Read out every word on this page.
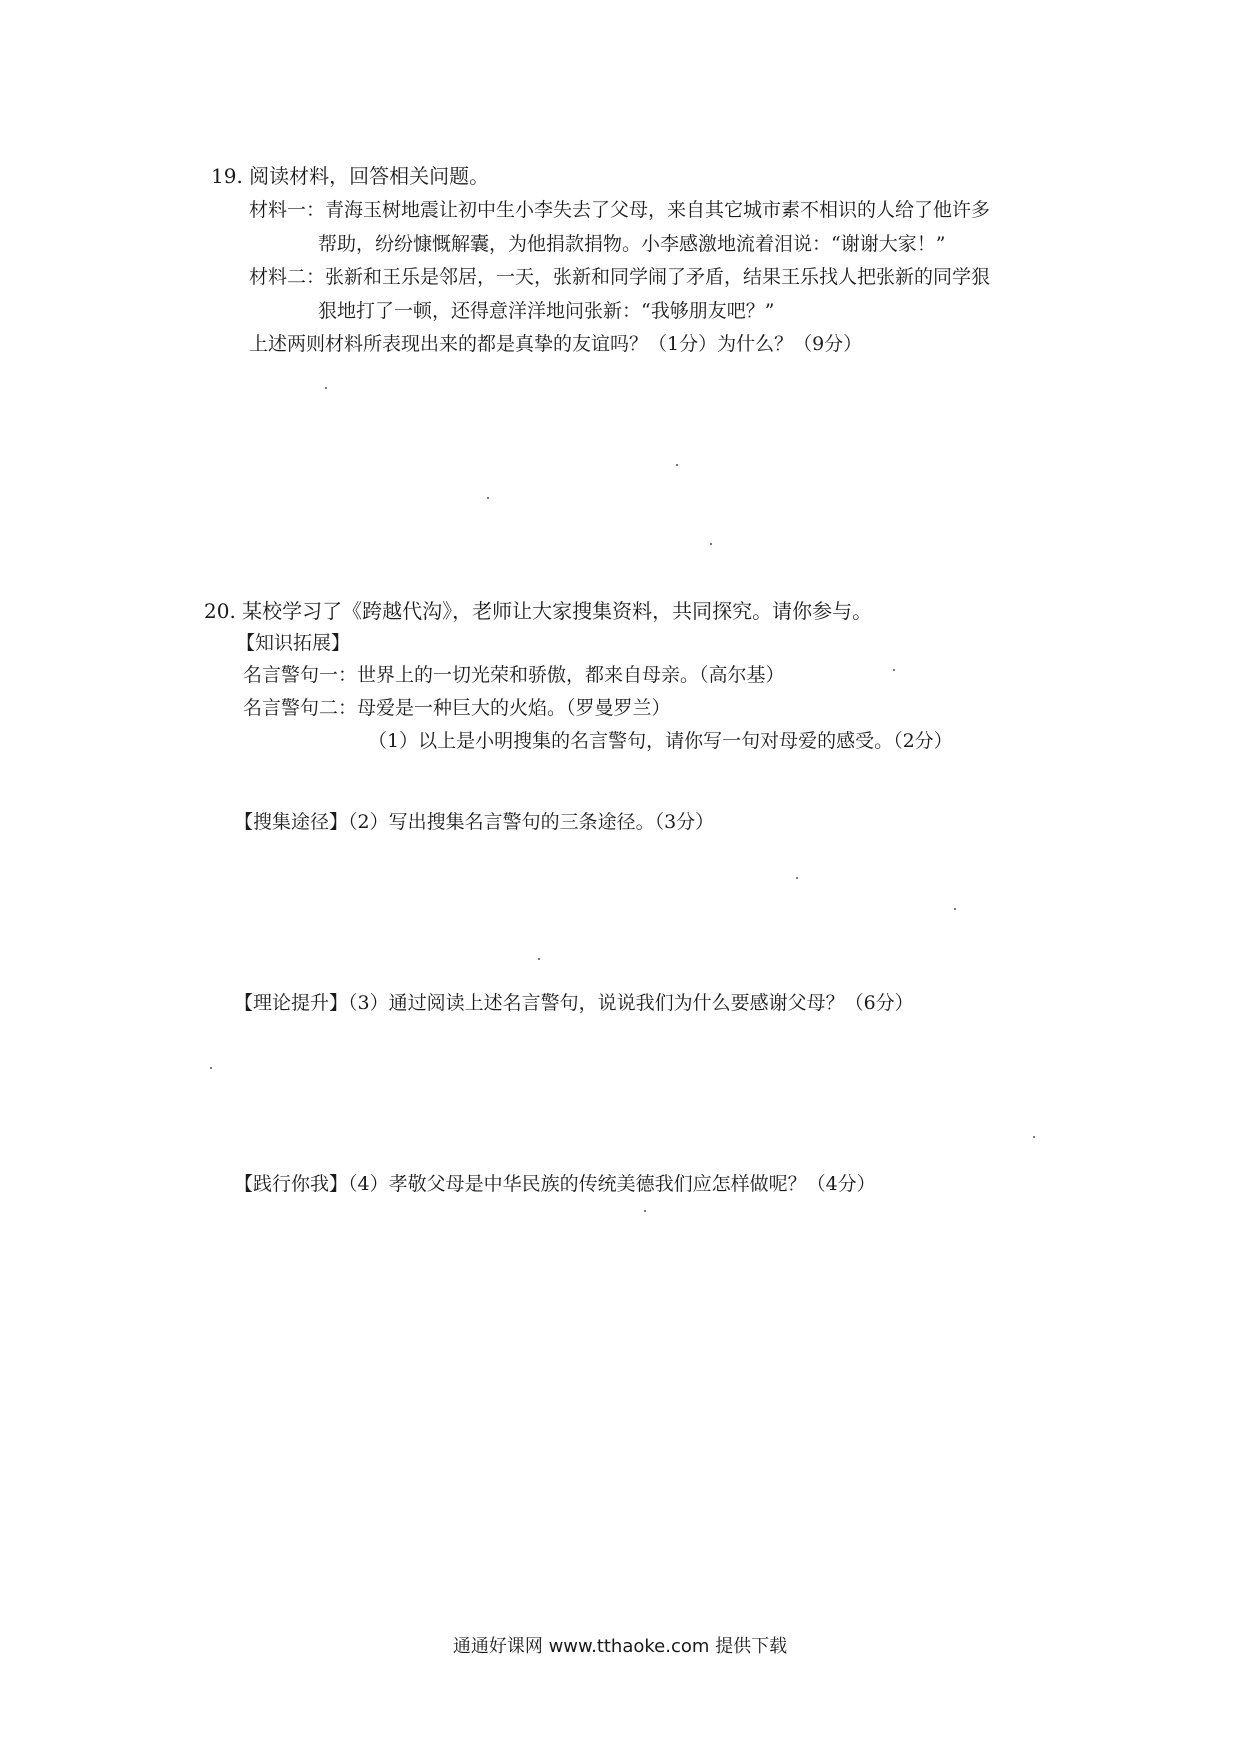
19. 阅读材料，回答相关问题。
材料一：青海玉树地震让初中生小李失去了父母，来自其它城市素不相识的人给了他许多
帮助，纷纷慷慨解囊，为他捐款捐物。小李感激地流着泪说：“谢谢大家！”
材料二：张新和王乐是邻居，一天，张新和同学闹了矛盾，结果王乐找人把张新的同学狠
狠地打了一顿，还得意洋洋地问张新：“我够朋友吧？”
上述两则材料所表现出来的都是真挚的友谊吗？（1分）为什么？（9分）
20. 某校学习了《跨越代沟》，老师让大家搜集资料，共同探究。请你参与。
【知识拓展】
名言警句一：世界上的一切光荣和骄傲，都来自母亲。（高尔基）
名言警句二：母爱是一种巨大的火焰。（罗曼罗兰）
（1）以上是小明搜集的名言警句，请你写一句对母爱的感受。（2分）
【搜集途径】（2）写出搜集名言警句的三条途径。（3分）
【理论提升】（3）通过阅读上述名言警句，说说我们为什么要感谢父母？（6分）
【践行你我】（4）孝敬父母是中华民族的传统美德我们应怎样做呢？（4分）
通通好课网 www.tthaoke.com 提供下载
